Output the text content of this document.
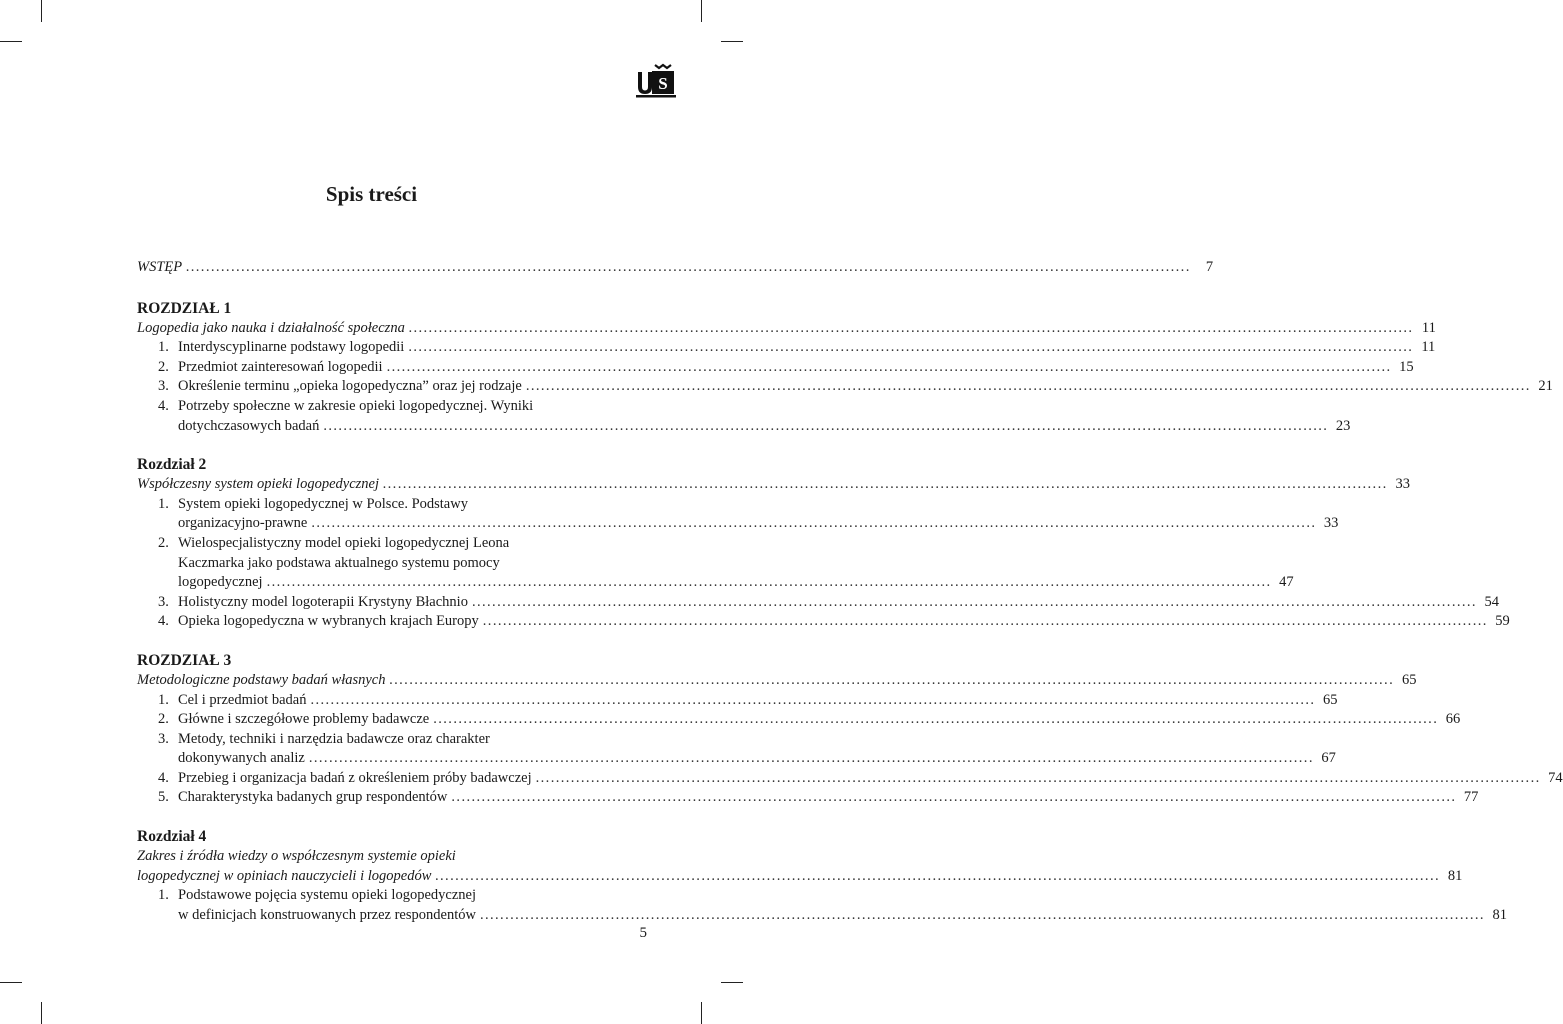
S
Spis treści
WSTĘP ........................................................................................................................................................................................................	7
ROZDZIAŁ 1
Logopedia jako nauka i działalność społeczna ........................................................................................................................................................................................................ 11
1. Interdyscyplinarne podstawy logopedii ........................................................................................................................................................................................................ 11
2. Przedmiot zainteresowań logopedii ........................................................................................................................................................................................................ 15
3. Określenie terminu „opieka logopedyczna” oraz jej rodzaje ........................................................................................................................................................................................................ 21
4. Potrzeby społeczne w zakresie opieki logopedycznej. Wyniki
dotychczasowych badań ........................................................................................................................................................................................................ 23
Rozdział 2
Współczesny system opieki logopedycznej ........................................................................................................................................................................................................ 33
1. System opieki logopedycznej w Polsce. Podstawy
organizacyjno-prawne ........................................................................................................................................................................................................ 33
2. Wielospecjalistyczny model opieki logopedycznej Leona
Kaczmarka jako podstawa aktualnego systemu pomocy
logopedycznej ........................................................................................................................................................................................................ 47
3. Holistyczny model logoterapii Krystyny Błachnio ........................................................................................................................................................................................................ 54
4. Opieka logopedyczna w wybranych krajach Europy ........................................................................................................................................................................................................ 59
ROZDZIAŁ 3
Metodologiczne podstawy badań własnych ........................................................................................................................................................................................................ 65
1. Cel i przedmiot badań ........................................................................................................................................................................................................ 65
2. Główne i szczegółowe problemy badawcze ........................................................................................................................................................................................................ 66
3. Metody, techniki i narzędzia badawcze oraz charakter
dokonywanych analiz ........................................................................................................................................................................................................ 67
4. Przebieg i organizacja badań z określeniem próby badawczej ........................................................................................................................................................................................................ 74
5. Charakterystyka badanych grup respondentów ........................................................................................................................................................................................................ 77
Rozdział 4
Zakres i źródła wiedzy o współczesnym systemie opieki
logopedycznej w opiniach nauczycieli i logopedów ........................................................................................................................................................................................................ 81
1. Podstawowe pojęcia systemu opieki logopedycznej
w definicjach konstruowanych przez respondentów ........................................................................................................................................................................................................ 81
5
